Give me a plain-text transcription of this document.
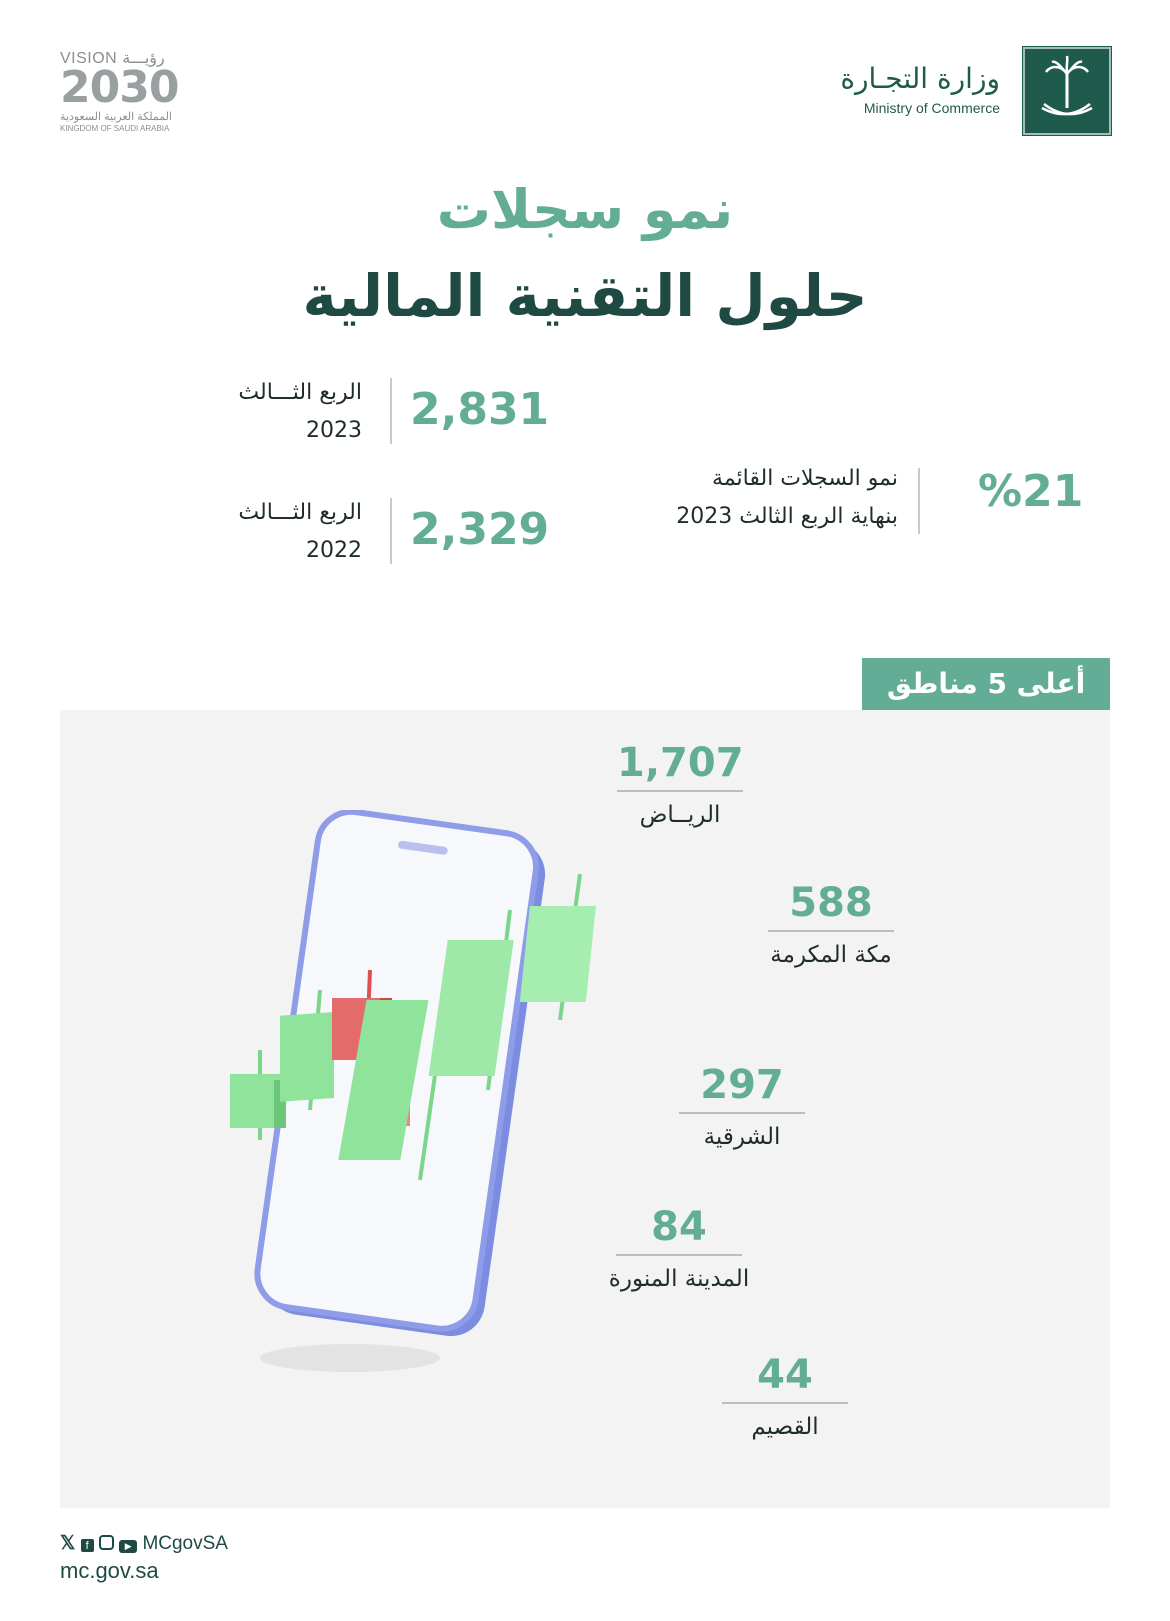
VISION رؤيـــة
2030
المملكة العربية السعودية
KINGDOM OF SAUDI ARABIA
وزارة التجـارة
Ministry of Commerce
نمو سجلات
حلول التقنية المالية
الربع الثـــالث
2023 2,831
الربع الثـــالث
2022 2,329
نمو السجلات القائمة
بنهاية الربع الثالث 2023 %21
أعلى 5 مناطق
1,707
الريــاض
588
مكة المكرمة
297
الشرقية
84
المدينة المنورة
44
القصيم
𝕏 f	▶ MCgovSA
mc.gov.sa
